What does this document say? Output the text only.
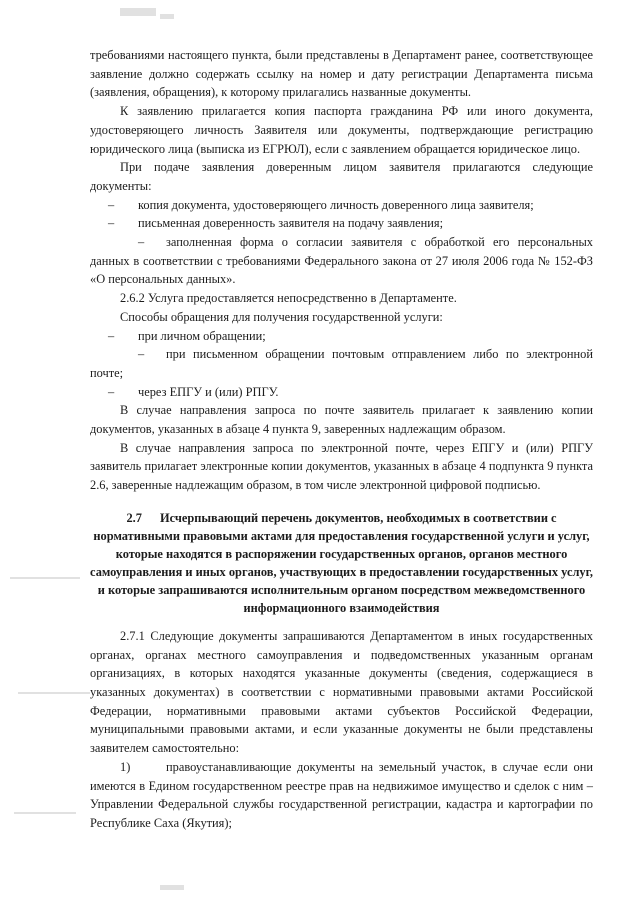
требованиями настоящего пункта, были представлены в Департамент ранее, соответствующее заявление должно содержать ссылку на номер и дату регистрации Департамента письма (заявления, обращения), к которому прилагались названные документы.

К заявлению прилагается копия паспорта гражданина РФ или иного документа, удостоверяющего личность Заявителя или документы, подтверждающие регистрацию юридического лица (выписка из ЕГРЮЛ), если с заявлением обращается юридическое лицо.

При подаче заявления доверенным лицом заявителя прилагаются следующие документы:

– копия документа, удостоверяющего личность доверенного лица заявителя;

– письменная доверенность заявителя на подачу заявления;

– заполненная форма о согласии заявителя с обработкой его персональных данных в соответствии с требованиями Федерального закона от 27 июля 2006 года № 152-ФЗ «О персональных данных».

2.6.2 Услуга предоставляется непосредственно в Департаменте.

Способы обращения для получения государственной услуги:

– при личном обращении;

– при письменном обращении почтовым отправлением либо по электронной почте;

– через ЕПГУ и (или) РПГУ.

В случае направления запроса по почте заявитель прилагает к заявлению копии документов, указанных в абзаце 4 пункта 9, заверенных надлежащим образом.

В случае направления запроса по электронной почте, через ЕПГУ и (или) РПГУ заявитель прилагает электронные копии документов, указанных в абзаце 4 подпункта 9 пункта 2.6, заверенные надлежащим образом, в том числе электронной цифровой подписью.

2.7 Исчерпывающий перечень документов, необходимых в соответствии с нормативными правовыми актами для предоставления государственной услуги и услуг, которые находятся в распоряжении государственных органов, органов местного самоуправления и иных органов, участвующих в предоставлении государственных услуг, и которые запрашиваются исполнительным органом посредством межведомственного информационного взаимодействия

2.7.1 Следующие документы запрашиваются Департаментом в иных государственных органах, органах местного самоуправления и подведомственных указанным органам организациях, в которых находятся указанные документы (сведения, содержащиеся в указанных документах) в соответствии с нормативными правовыми актами Российской Федерации, нормативными правовыми актами субъектов Российской Федерации, муниципальными правовыми актами, и если указанные документы не были представлены заявителем самостоятельно:

1)	правоустанавливающие документы на земельный участок, в случае если они имеются в Едином государственном реестре прав на недвижимое имущество и сделок с ним – Управлении Федеральной службы государственной регистрации, кадастра и картографии по Республике Саха (Якутия);
